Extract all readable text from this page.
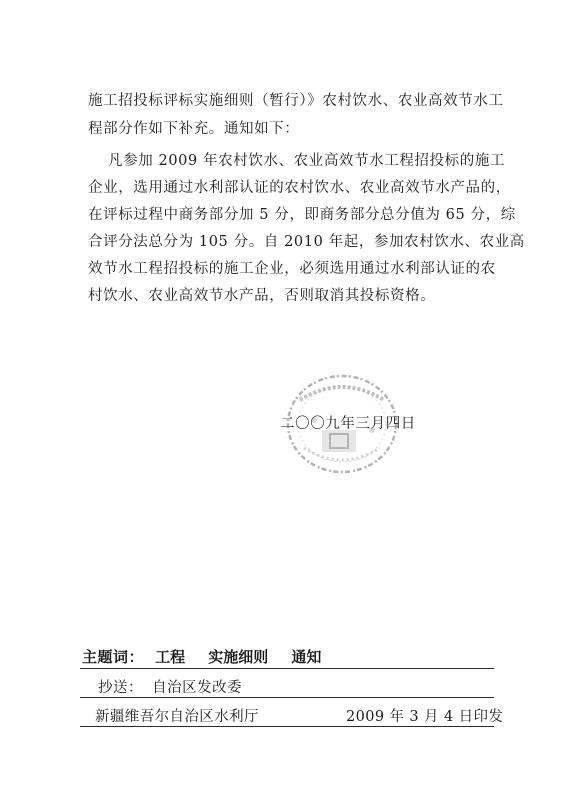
施工招投标评标实施细则（暂行）》农村饮水、农业高效节水工
程部分作如下补充。通知如下：
凡参加 2009 年农村饮水、农业高效节水工程招投标的施工
企业，选用通过水利部认证的农村饮水、农业高效节水产品的，
在评标过程中商务部分加 5 分，即商务部分总分值为 65 分，综
合评分法总分为 105 分。自 2010 年起，参加农村饮水、农业高
效节水工程招投标的施工企业，必须选用通过水利部认证的农
村饮水、农业高效节水产品，否则取消其投标资格。
二〇〇九年三月四日
主题词： 工程 实施细则 通知
抄送： 自治区发改委
新疆维吾尔自治区水利厅	2009 年 3 月 4 日印发
